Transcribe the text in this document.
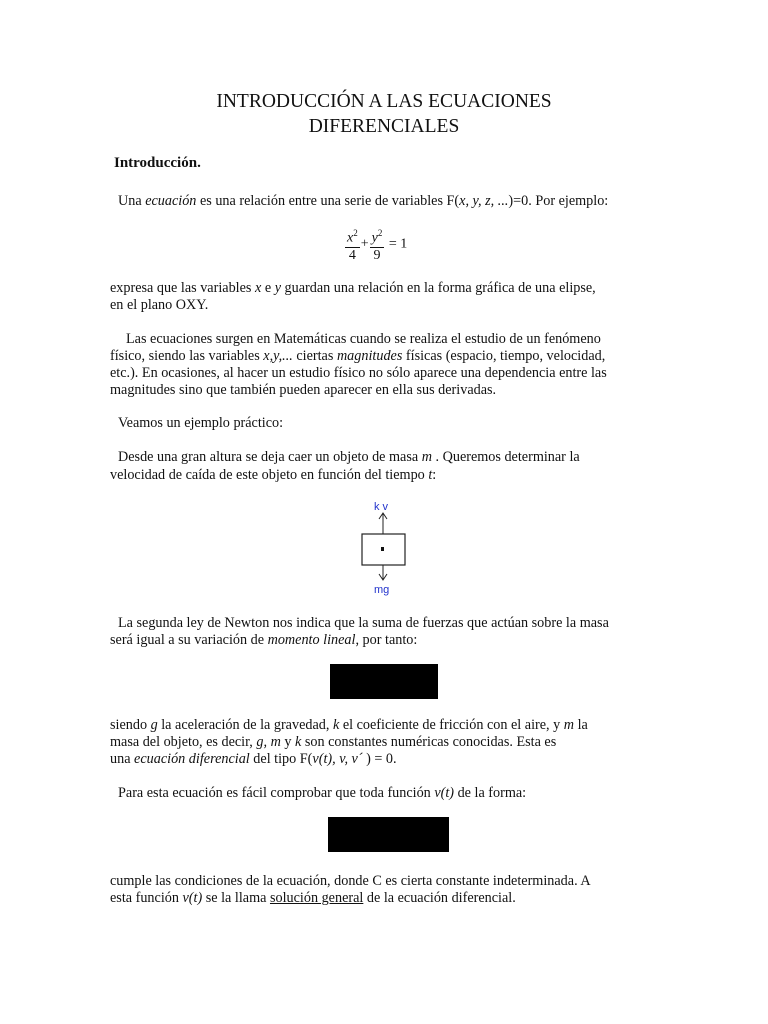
INTRODUCCIÓN A LAS ECUACIONES
DIFERENCIALES
Introducción.
Una ecuación es una relación entre una serie de variables F(x, y, z, ...)=0. Por ejemplo:
$\frac{x^2}{4} + \frac{y^2}{9} = 1$
expresa que las variables x e y guardan una relación en la forma gráfica de una elipse,
en el plano OXY.
Las ecuaciones surgen en Matemáticas cuando se realiza el estudio de un fenómeno
físico, siendo las variables x,y,... ciertas magnitudes físicas (espacio, tiempo, velocidad,
etc.). En ocasiones, al hacer un estudio físico no sólo aparece una dependencia entre las
magnitudes sino que también pueden aparecer en ella sus derivadas.
Veamos un ejemplo práctico:
Desde una gran altura se deja caer un objeto de masa m . Queremos determinar la
velocidad de caída de este objeto en función del tiempo t:
k v
mg
La segunda ley de Newton nos indica que la suma de fuerzas que actúan sobre la masa
será igual a su variación de momento lineal, por tanto:
siendo g la aceleración de la gravedad, k el coeficiente de fricción con el aire, y m la
masa del objeto, es decir, g, m y k son constantes numéricas conocidas. Esta es
una ecuación diferencial del tipo F(v(t), v, v´ ) = 0.
Para esta ecuación es fácil comprobar que toda función v(t) de la forma:
cumple las condiciones de la ecuación, donde C es cierta constante indeterminada. A
esta función v(t) se la llama solución general de la ecuación diferencial.
